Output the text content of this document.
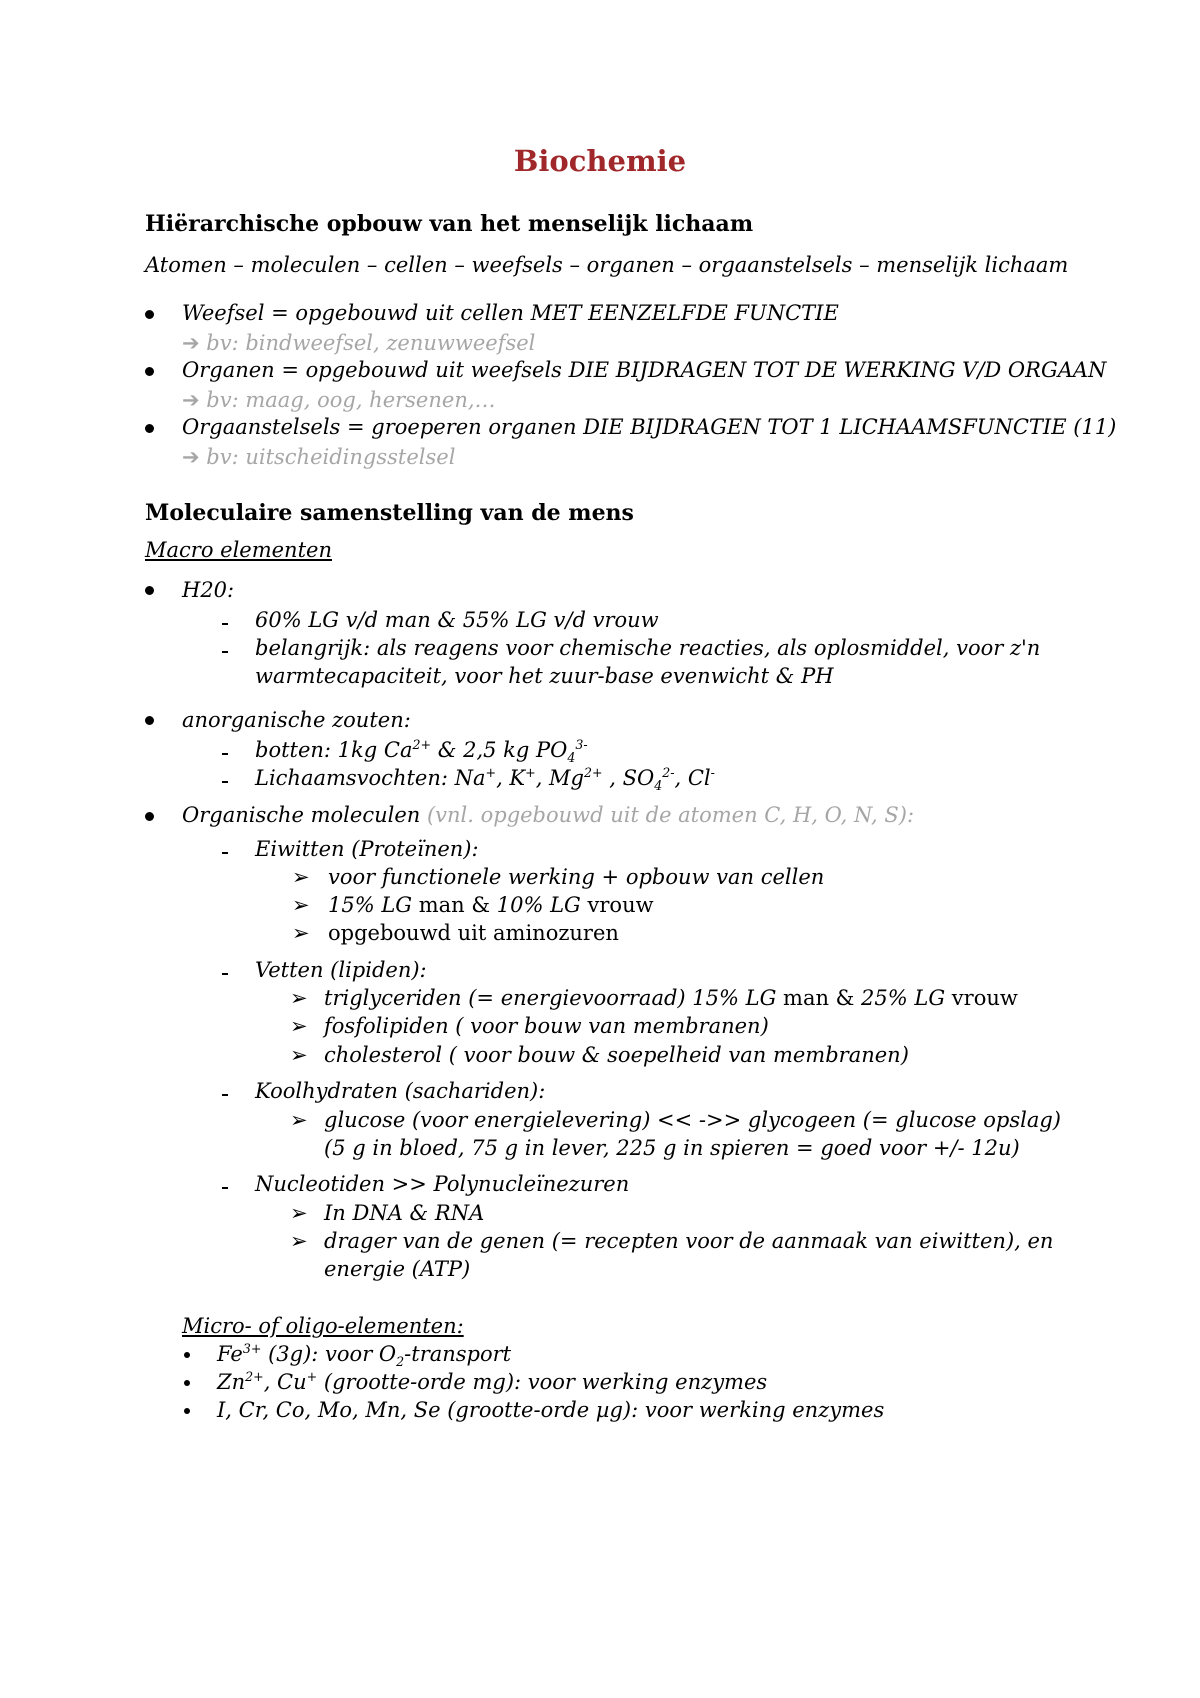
Biochemie
Hiërarchische opbouw van het menselijk lichaam
Atomen – moleculen – cellen – weefsels – organen – orgaanstelsels – menselijk lichaam
Weefsel = opgebouwd uit cellen MET EENZELFDE FUNCTIE
➔ bv: bindweefsel, zenuwweefsel
Organen = opgebouwd uit weefsels DIE BIJDRAGEN TOT DE WERKING V/D ORGAAN
➔ bv: maag, oog, hersenen,…
Orgaanstelsels = groeperen organen DIE BIJDRAGEN TOT 1 LICHAAMSFUNCTIE (11)
➔ bv: uitscheidingsstelsel
Moleculaire samenstelling van de mens
Macro elementen
H20:
60% LG v/d man & 55% LG v/d vrouw
belangrijk: als reagens voor chemische reacties, als oplosmiddel, voor z'n
warmtecapaciteit, voor het zuur-base evenwicht & PH
anorganische zouten:
botten: 1kg $Ca^{2+}$ & 2,5 kg $PO_4^{3-}$
Lichaamsvochten: Na+, K+, $Mg^{2+}$ , $SO_4^{2-}$, Cl-
Organische moleculen (vnl. opgebouwd uit de atomen C, H, O, N, S):
Eiwitten (Proteïnen):
➢ voor functionele werking + opbouw van cellen
➢ 15% LG man & 10% LG vrouw
➢ opgebouwd uit aminozuren
Vetten (lipiden):
➢ triglyceriden (= energievoorraad) 15% LG man & 25% LG vrouw
➢ fosfolipiden ( voor bouw van membranen)
➢ cholesterol ( voor bouw & soepelheid van membranen)
Koolhydraten (sachariden):
➢ glucose (voor energielevering) << ->> glycogeen (= glucose opslag)
(5 g in bloed, 75 g in lever, 225 g in spieren = goed voor +/- 12u)
Nucleotiden >> Polynucleïnezuren
➢ In DNA & RNA
➢ drager van de genen (= recepten voor de aanmaak van eiwitten), en
energie (ATP)
Micro- of oligo-elementen:
$Fe^{3+}$ (3g): voor $O_2$-transport
$Zn^{2+}$, Cu+ (grootte-orde mg): voor werking enzymes
I, Cr, Co, Mo, Mn, Se (grootte-orde µg): voor werking enzymes
